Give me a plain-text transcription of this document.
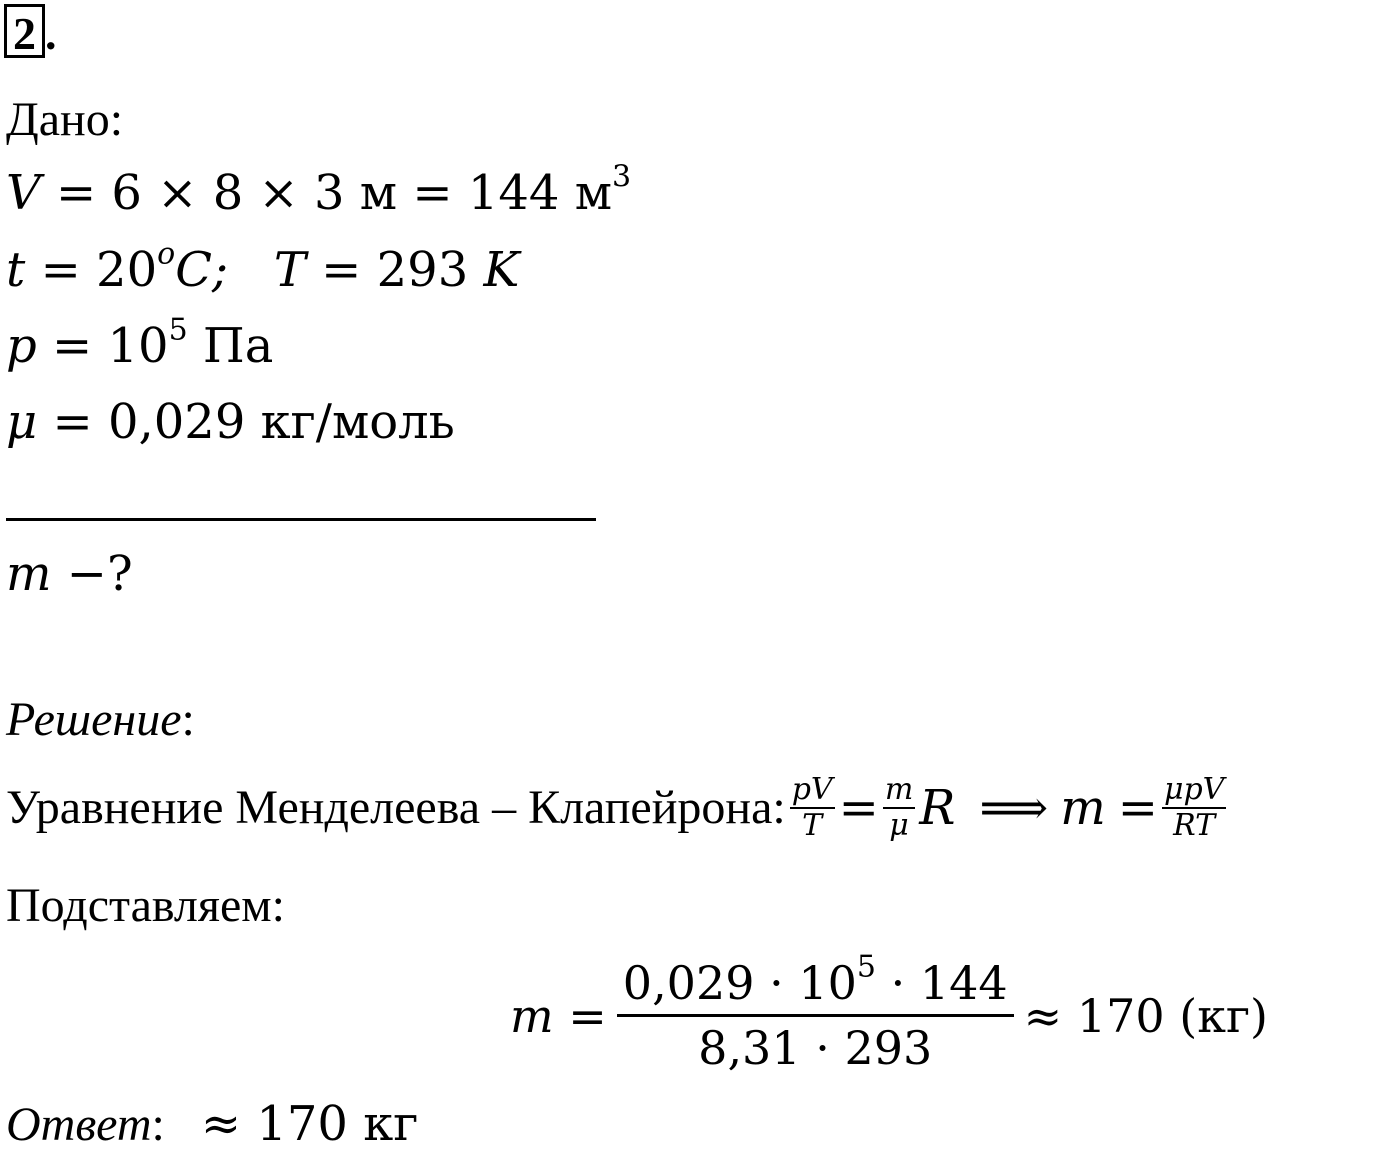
2 .
Дано:
V = 6 × 8 × 3 м = 144 $м^3$
$t = 20^oC$; T = 293 K
$p = 10^5$ Па
μ = 0,029 кг/моль
m −?
Решение:
Уравнение Менделеева – Клапейрона: $\frac{pV}{T} = \frac{m}{\mu}$ R
⟹
m
= $\frac{\text{μpV}}{RT}$
Подставляем:
$m = \frac{0,029 \cdot 10^5 \cdot 144}{8,31 \cdot 293} \approx 170$ (кг)
Ответ: ≈ 170 кг
